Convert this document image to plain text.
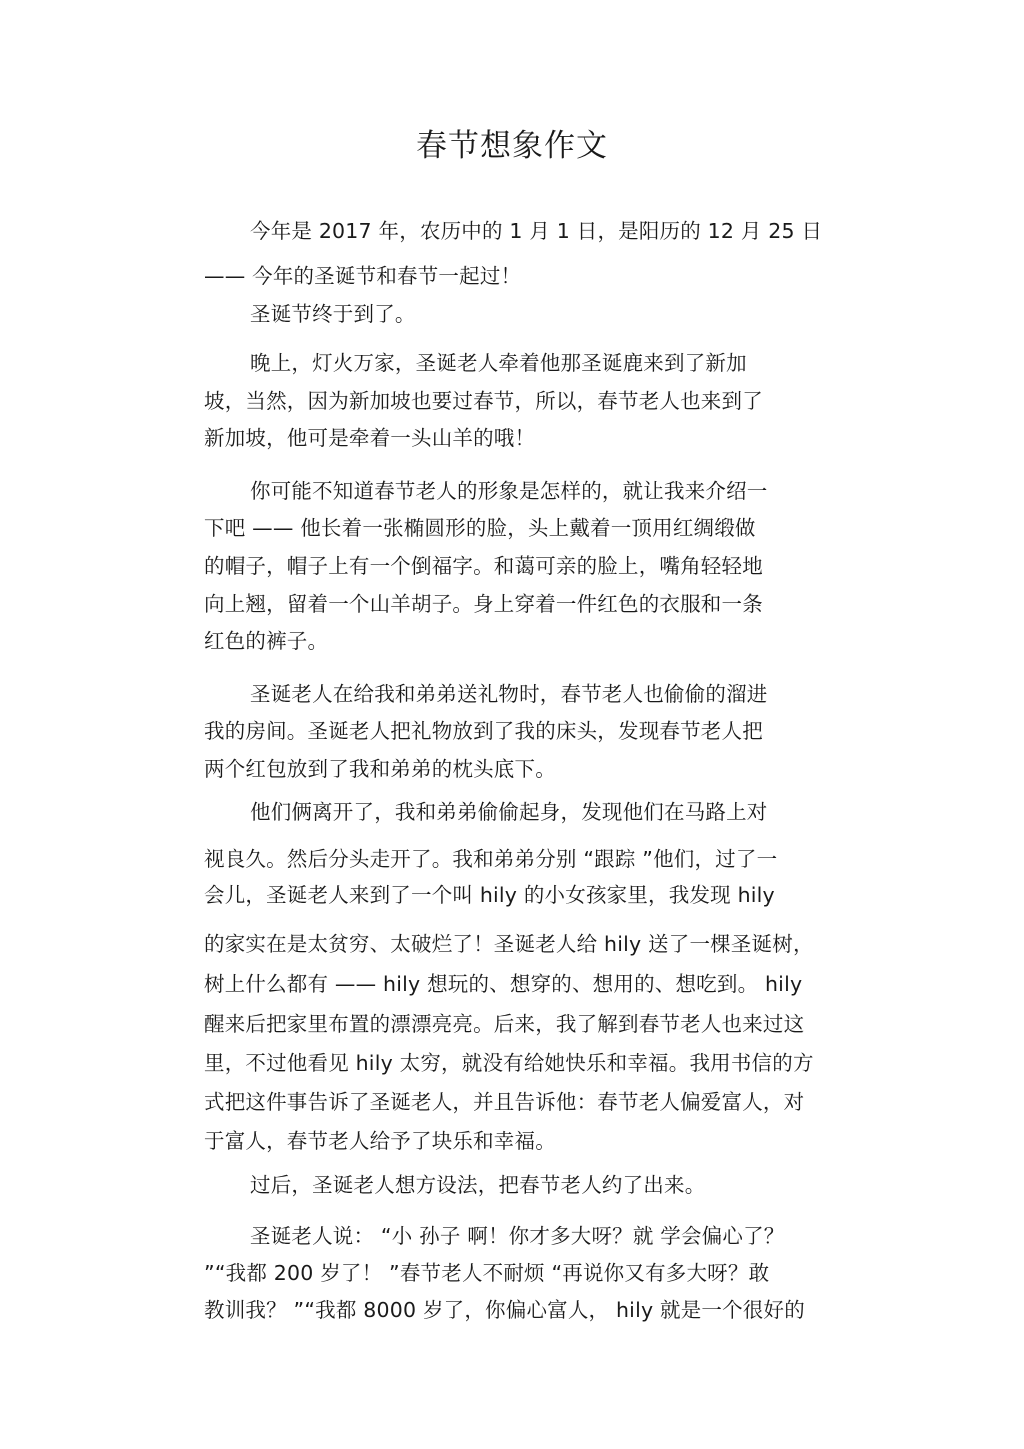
春节想象作文
今年是 2017 年，农历中的 1 月 1 日，是阳历的 12 月 25 日
—— 今年的圣诞节和春节一起过！
圣诞节终于到了。
晚上，灯火万家，圣诞老人牵着他那圣诞鹿来到了新加
坡，当然，因为新加坡也要过春节，所以，春节老人也来到了
新加坡，他可是牵着一头山羊的哦！
你可能不知道春节老人的形象是怎样的，就让我来介绍一
下吧 —— 他长着一张椭圆形的脸，头上戴着一顶用红绸缎做
的帽子，帽子上有一个倒福字。和蔼可亲的脸上，嘴角轻轻地
向上翘，留着一个山羊胡子。身上穿着一件红色的衣服和一条
红色的裤子。
圣诞老人在给我和弟弟送礼物时，春节老人也偷偷的溜进
我的房间。圣诞老人把礼物放到了我的床头，发现春节老人把
两个红包放到了我和弟弟的枕头底下。
他们俩离开了，我和弟弟偷偷起身，发现他们在马路上对
视良久。然后分头走开了。我和弟弟分别 “跟踪 ”他们，过了一
会儿，圣诞老人来到了一个叫 hily 的小女孩家里，我发现 hily
的家实在是太贫穷、太破烂了！圣诞老人给 hily 送了一棵圣诞树，
树上什么都有 —— hily 想玩的、想穿的、想用的、想吃到。 hily
醒来后把家里布置的漂漂亮亮。后来，我了解到春节老人也来过这
里，不过他看见 hily 太穷，就没有给她快乐和幸福。我用书信的方
式把这件事告诉了圣诞老人，并且告诉他：春节老人偏爱富人，对
于富人，春节老人给予了块乐和幸福。
过后，圣诞老人想方设法，把春节老人约了出来。
圣诞老人说： “小 孙子 啊！你才多大呀？就 学会偏心了？
”“我都 200 岁了！ ”春节老人不耐烦 “再说你又有多大呀？敢
教训我？ ”“我都 8000 岁了，你偏心富人， hily 就是一个很好的
